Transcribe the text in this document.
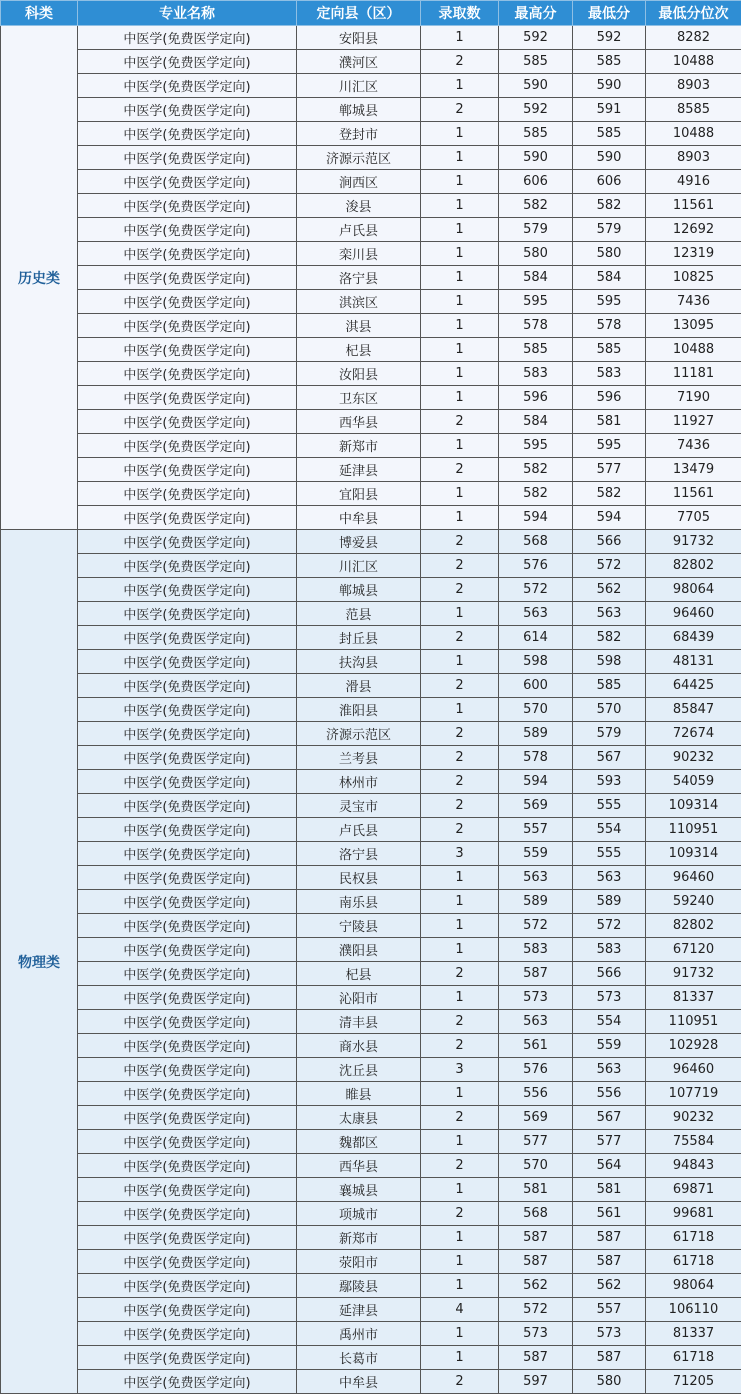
科类	专业名称	定向县（区）	录取数	最高分	最低分	最低分位次
历史类	中医学(免费医学定向)	安阳县	1	592	592	8282
	中医学(免费医学定向)	濮河区	2	585	585	10488
	中医学(免费医学定向)	川汇区	1	590	590	8903
	中医学(免费医学定向)	郸城县	2	592	591	8585
	中医学(免费医学定向)	登封市	1	585	585	10488
	中医学(免费医学定向)	济源示范区	1	590	590	8903
	中医学(免费医学定向)	涧西区	1	606	606	4916
	中医学(免费医学定向)	浚县	1	582	582	11561
	中医学(免费医学定向)	卢氏县	1	579	579	12692
	中医学(免费医学定向)	栾川县	1	580	580	12319
	中医学(免费医学定向)	洛宁县	1	584	584	10825
	中医学(免费医学定向)	淇滨区	1	595	595	7436
	中医学(免费医学定向)	淇县	1	578	578	13095
	中医学(免费医学定向)	杞县	1	585	585	10488
	中医学(免费医学定向)	汝阳县	1	583	583	11181
	中医学(免费医学定向)	卫东区	1	596	596	7190
	中医学(免费医学定向)	西华县	2	584	581	11927
	中医学(免费医学定向)	新郑市	1	595	595	7436
	中医学(免费医学定向)	延津县	2	582	577	13479
	中医学(免费医学定向)	宜阳县	1	582	582	11561
	中医学(免费医学定向)	中牟县	1	594	594	7705
物理类	中医学(免费医学定向)	博爱县	2	568	566	91732
	中医学(免费医学定向)	川汇区	2	576	572	82802
	中医学(免费医学定向)	郸城县	2	572	562	98064
	中医学(免费医学定向)	范县	1	563	563	96460
	中医学(免费医学定向)	封丘县	2	614	582	68439
	中医学(免费医学定向)	扶沟县	1	598	598	48131
	中医学(免费医学定向)	滑县	2	600	585	64425
	中医学(免费医学定向)	淮阳县	1	570	570	85847
	中医学(免费医学定向)	济源示范区	2	589	579	72674
	中医学(免费医学定向)	兰考县	2	578	567	90232
	中医学(免费医学定向)	林州市	2	594	593	54059
	中医学(免费医学定向)	灵宝市	2	569	555	109314
	中医学(免费医学定向)	卢氏县	2	557	554	110951
	中医学(免费医学定向)	洛宁县	3	559	555	109314
	中医学(免费医学定向)	民权县	1	563	563	96460
	中医学(免费医学定向)	南乐县	1	589	589	59240
	中医学(免费医学定向)	宁陵县	1	572	572	82802
	中医学(免费医学定向)	濮阳县	1	583	583	67120
	中医学(免费医学定向)	杞县	2	587	566	91732
	中医学(免费医学定向)	沁阳市	1	573	573	81337
	中医学(免费医学定向)	清丰县	2	563	554	110951
	中医学(免费医学定向)	商水县	2	561	559	102928
	中医学(免费医学定向)	沈丘县	3	576	563	96460
	中医学(免费医学定向)	睢县	1	556	556	107719
	中医学(免费医学定向)	太康县	2	569	567	90232
	中医学(免费医学定向)	魏都区	1	577	577	75584
	中医学(免费医学定向)	西华县	2	570	564	94843
	中医学(免费医学定向)	襄城县	1	581	581	69871
	中医学(免费医学定向)	项城市	2	568	561	99681
	中医学(免费医学定向)	新郑市	1	587	587	61718
	中医学(免费医学定向)	荥阳市	1	587	587	61718
	中医学(免费医学定向)	鄢陵县	1	562	562	98064
	中医学(免费医学定向)	延津县	4	572	557	106110
	中医学(免费医学定向)	禹州市	1	573	573	81337
	中医学(免费医学定向)	长葛市	1	587	587	61718
	中医学(免费医学定向)	中牟县	2	597	580	71205
